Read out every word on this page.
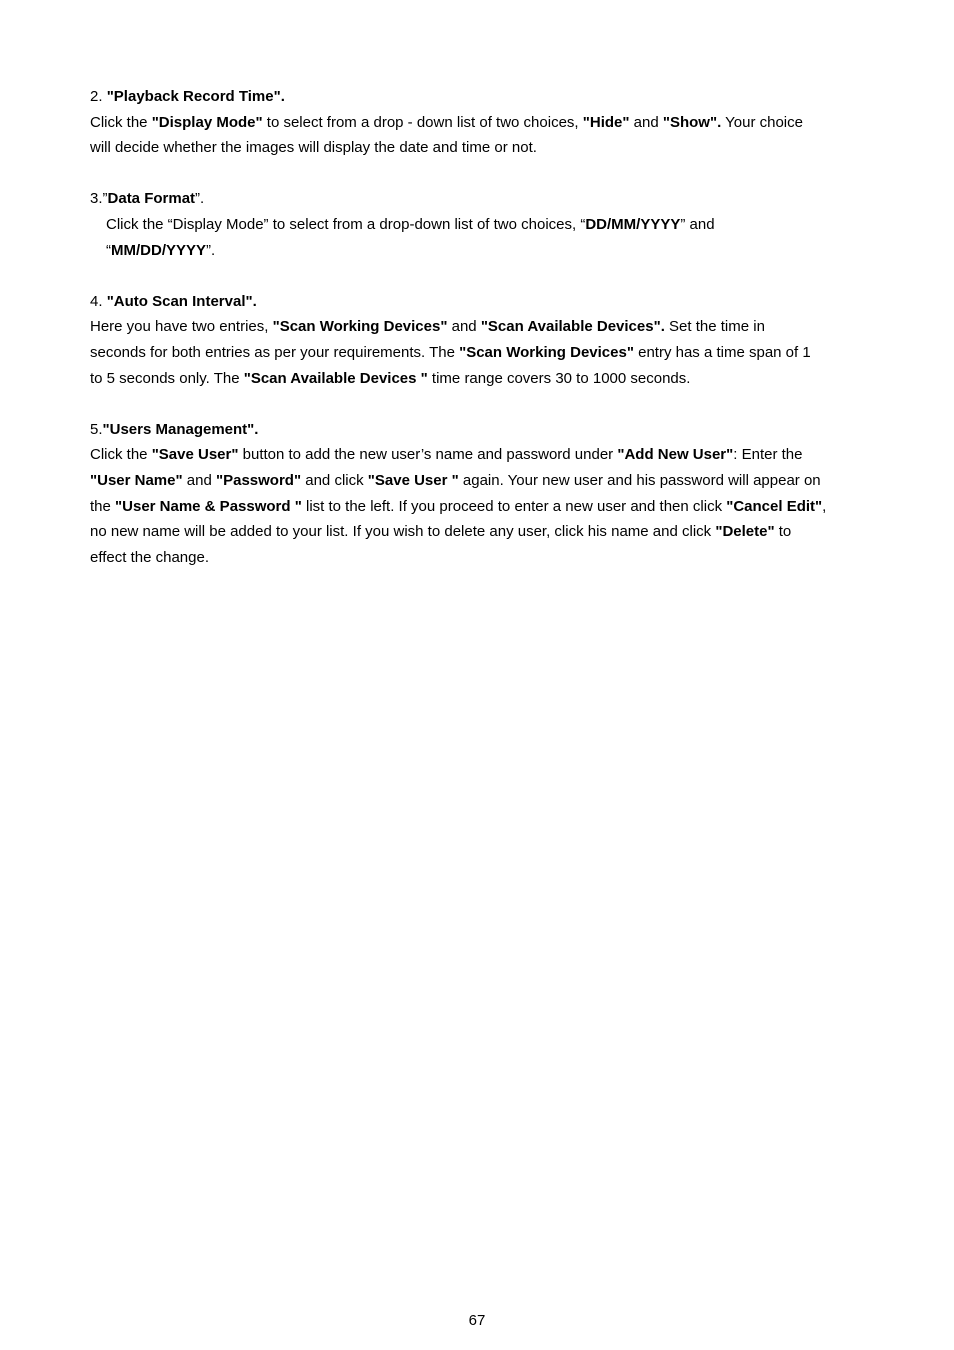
2. "Playback Record Time".
Click the "Display Mode" to select from a drop - down list of two choices, "Hide" and "Show". Your choice
will decide whether the images will display the date and time or not.
3.”Data Format”.
Click the “Display Mode” to select from a drop-down list of two choices, “DD/MM/YYYY” and
“MM/DD/YYYY”.
4. "Auto Scan Interval".
Here you have two entries, "Scan Working Devices" and "Scan Available Devices". Set the time in
seconds for both entries as per your requirements. The "Scan Working Devices" entry has a time span of 1
to 5 seconds only. The "Scan Available Devices " time range covers 30 to 1000 seconds.
5."Users Management".
Click the "Save User" button to add the new user’s name and password under "Add New User": Enter the
"User Name" and "Password" and click "Save User " again. Your new user and his password will appear on
the "User Name & Password " list to the left. If you proceed to enter a new user and then click "Cancel Edit",
no new name will be added to your list. If you wish to delete any user, click his name and click "Delete" to
effect the change.
67
